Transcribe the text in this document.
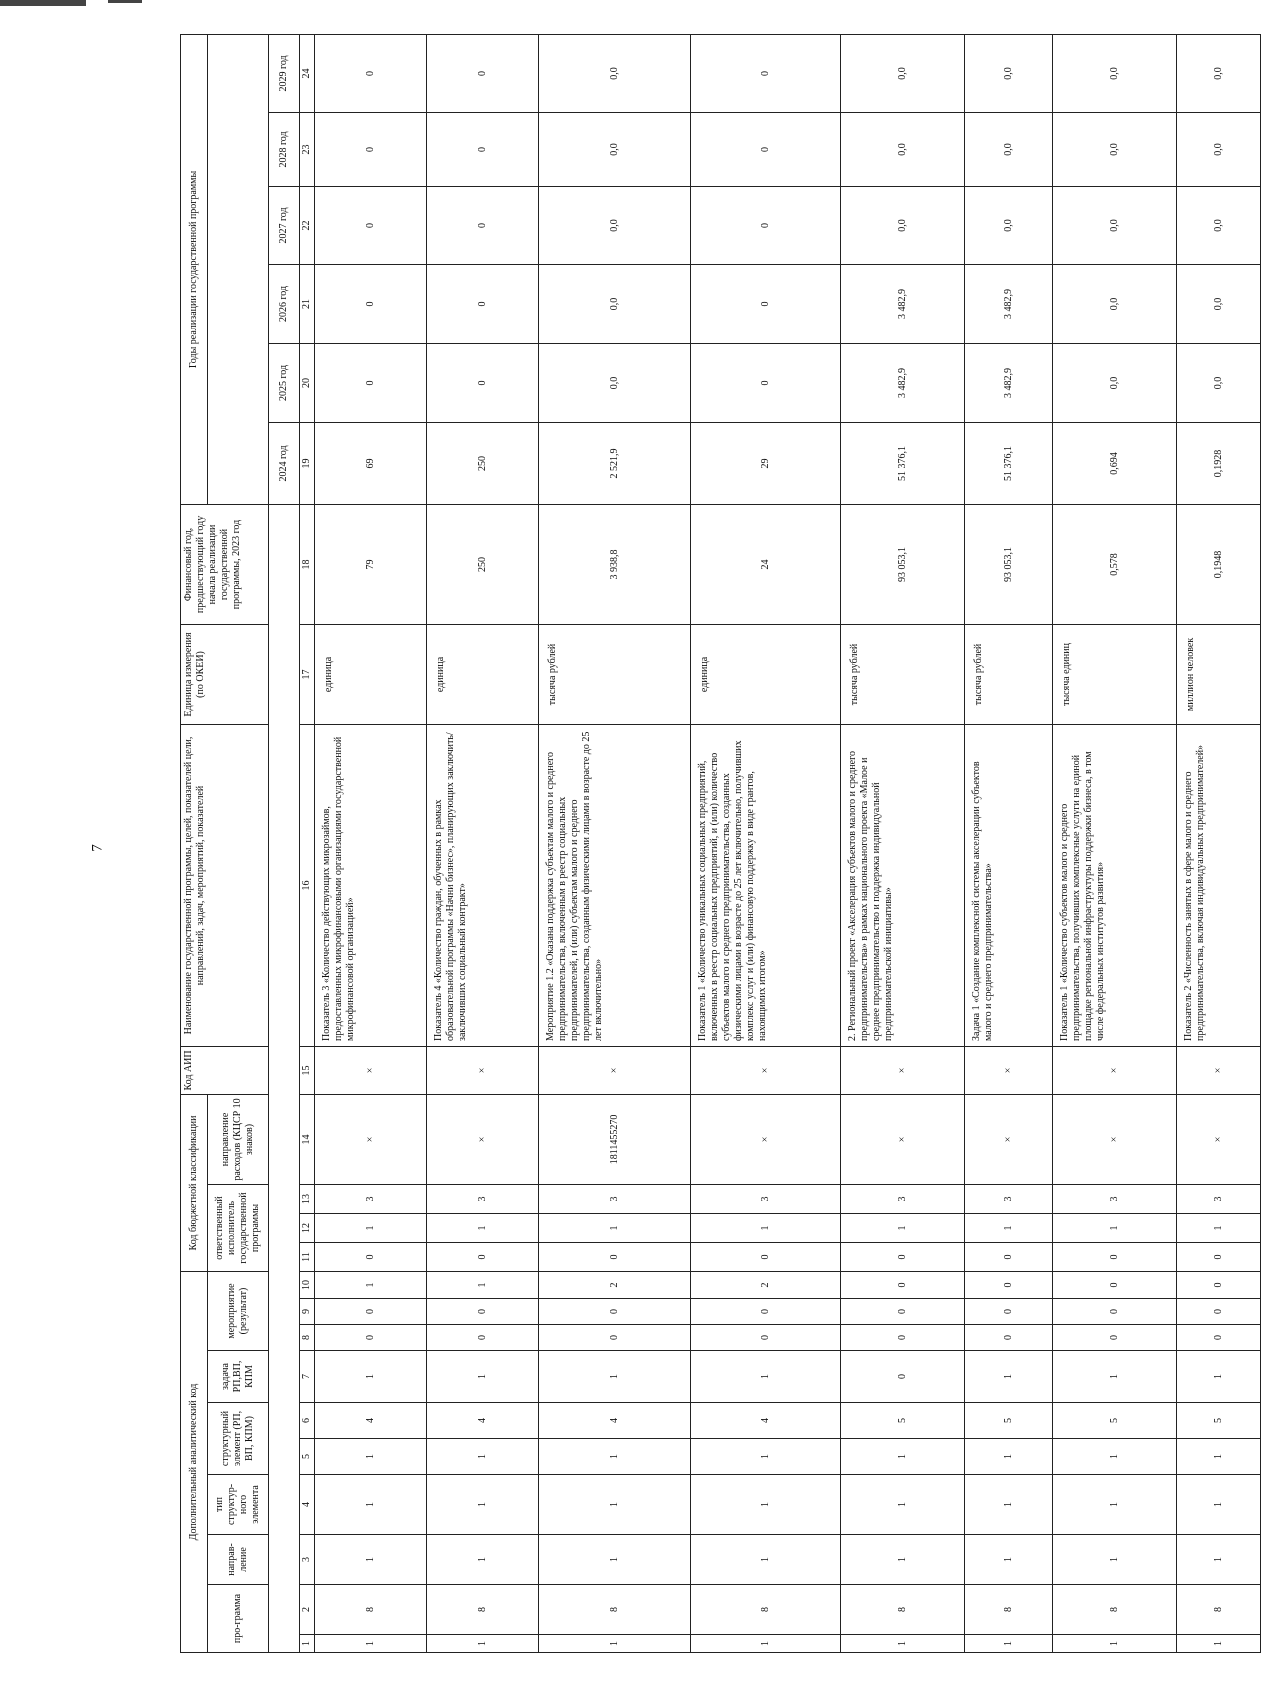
7
Дополнительный аналитический код										Код бюджетной классификации				Код АИП	Наименование государственной программы, целей, показателей цели, направлений, задач, мероприятий, показателей	Единица измерения (по ОКЕИ)	Финансовый год, предшествующий году начала реализации государственной программы, 2023 год	Годы реализации государственной программы					
про-грамма		направ-ление	тип структур-ного элемента	структурный элемент (РП, ВП, КПМ)		задача РП,ВП, КПМ	мероприятие (результат)			ответственный исполнитель государственной программы			направление расходов (КЦСР 10 знаков)										

																		2024 год	2025 год	2026 год	2027 год	2028 год	2029 год
1	2	3	4	5	6	7	8	9	10	11	12	13	14	15	16	17	18	19	20	21	22	23	24
1	8	1	1	1	4	1	0	0	1	0	1	3	×	×	Показатель 3 «Количество действующих микрозаймов, предоставленных микрофинансовыми организациями государственной микрофинансовой организацией»	единица	79	69	0	0	0	0	0
1	8	1	1	1	4	1	0	0	1	0	1	3	×	×	Показатель 4 «Количество граждан, обученных в рамках образовательной программы «Начни бизнес», планирующих заключить/заключивших социальный контракт»	единица	250	250	0	0	0	0	0
1	8	1	1	1	4	1	0	0	2	0	1	3	1811455270	×	Мероприятие 1.2 «Оказана поддержка субъектам малого и среднего предпринимательства, включенным в реестр социальных предпринимателей, и (или) субъектам малого и среднего предпринимательства, созданным физическими лицами в возрасте до 25 лет включительно»	тысяча рублей	3 938,8	2 521,9	0,0	0,0	0,0	0,0	0,0
1	8	1	1	1	4	1	0	0	2	0	1	3	×	×	Показатель 1 «Количество уникальных социальных предприятий, включенных в реестр социальных предприятий, и (или) количество субъектов малого и среднего предпринимательства, созданных физическими лицами в возрасте до 25 лет включительно, получивших комплекс услуг и (или) финансовую поддержку в виде грантов, нахоящимих итогом»	единица	24	29	0	0	0	0	0
1	8	1	1	1	5	0	0	0	0	0	1	3	×	×	2. Региональный проект «Акселерация субъектов малого и среднего предпринимательства» в рамках национального проекта «Малое и среднее предпринимательство и поддержка индивидуальной предпринимательской инициативы»	тысяча рублей	93 053,1	51 376,1	3 482,9	3 482,9	0,0	0,0	0,0
1	8	1	1	1	5	1	0	0	0	0	1	3	×	×	Задача 1 «Создание комплексной системы акселерации субъектов малого и среднего предпринимательства»	тысяча рублей	93 053,1	51 376,1	3 482,9	3 482,9	0,0	0,0	0,0
1	8	1	1	1	5	1	0	0	0	0	1	3	×	×	Показатель 1 «Количество субъектов малого и среднего предпринимательства, получивших комплексные услуги на единой площадке региональной инфраструктуры поддержки бизнеса, в том числе федеральных институтов развития»	тысяча единиц	0,578	0,694	0,0	0,0	0,0	0,0	0,0
1	8	1	1	1	5	1	0	0	0	0	1	3	×	×	Показатель 2 «Численность занятых в сфере малого и среднего предпринимательства, включая индивидуальных предпринимателей»	миллион человек	0,1948	0,1928	0,0	0,0	0,0	0,0	0,0
